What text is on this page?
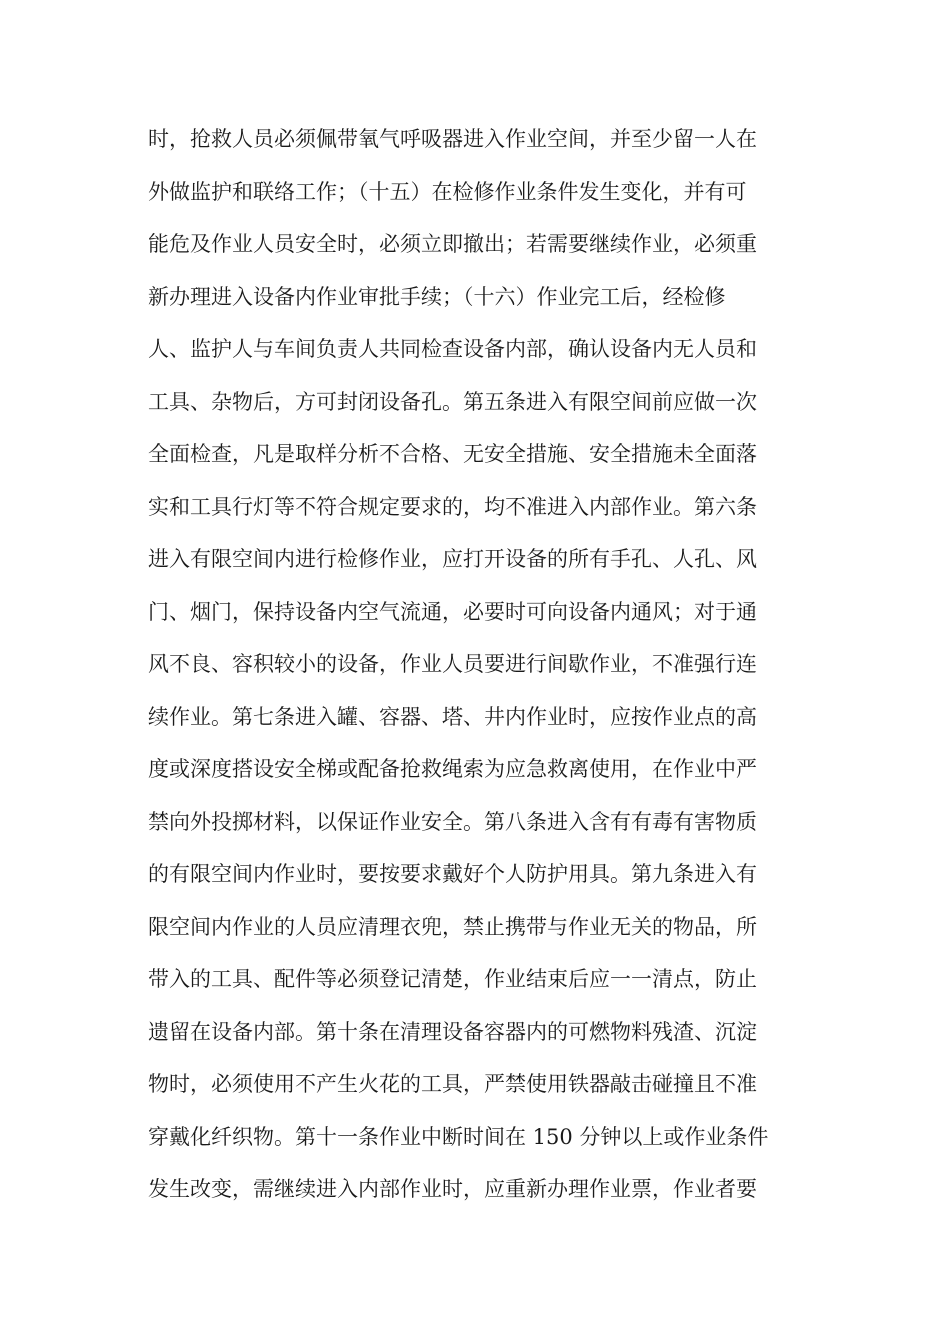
时，抢救人员必须佩带氧气呼吸器进入作业空间，并至少留一人在
外做监护和联络工作；（十五）在检修作业条件发生变化，并有可
能危及作业人员安全时，必须立即撤出；若需要继续作业，必须重
新办理进入设备内作业审批手续；（十六）作业完工后，经检修
人、监护人与车间负责人共同检查设备内部，确认设备内无人员和
工具、杂物后，方可封闭设备孔。第五条进入有限空间前应做一次
全面检查，凡是取样分析不合格、无安全措施、安全措施未全面落
实和工具行灯等不符合规定要求的，均不准进入内部作业。第六条
进入有限空间内进行检修作业，应打开设备的所有手孔、人孔、风
门、烟门，保持设备内空气流通，必要时可向设备内通风；对于通
风不良、容积较小的设备，作业人员要进行间歇作业，不准强行连
续作业。第七条进入罐、容器、塔、井内作业时，应按作业点的高
度或深度搭设安全梯或配备抢救绳索为应急救离使用，在作业中严
禁向外投掷材料，以保证作业安全。第八条进入含有有毒有害物质
的有限空间内作业时，要按要求戴好个人防护用具。第九条进入有
限空间内作业的人员应清理衣兜，禁止携带与作业无关的物品，所
带入的工具、配件等必须登记清楚，作业结束后应一一清点，防止
遗留在设备内部。第十条在清理设备容器内的可燃物料残渣、沉淀
物时，必须使用不产生火花的工具，严禁使用铁器敲击碰撞且不准
穿戴化纤织物。第十一条作业中断时间在 150 分钟以上或作业条件
发生改变，需继续进入内部作业时，应重新办理作业票，作业者要
